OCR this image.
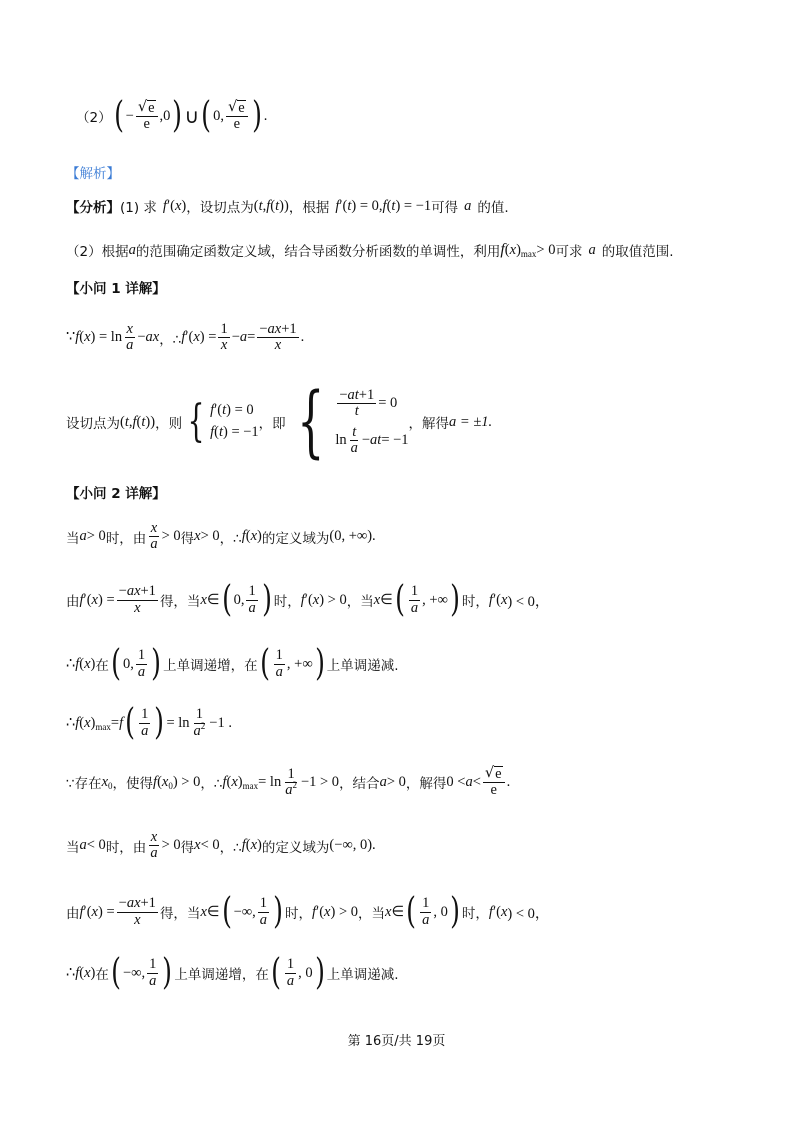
（2） ( − $\frac{√ e}{e} ,0$ ) ∪ ( 0, $\frac{√ e}{e}$ ) .
【解析】
【分析】 (1) 求 f ′( x ) ，设切点为 ( t , f ( t )) ，根据 f ′( t ) = 0, f ( t ) = −1 可得 a 的值.
（2）根据 a 的范围确定函数定义域，结合导函数分析函数的单调性，利用 f ( x ) max > 0 可求 a 的取值范围.
【小问 1 详解】
∵ f ( x ) = $\ln \frac{x}{a}$ − ax ，∴ f ′( x ) = $\frac{1}{x} - a = \frac{-ax+1}{x}$ .
设切点为 ( t , f ( t )) ，则 { f′(t) = 0
f(t) = −1 ，即 { $\frac{-at+1}{t} = 0$
$\ln \frac{t}{a}$ − at = −1
，解得 a = ±1.
【小问 2 详解】
当 a > 0 时，由 $\frac{x}{a} > 0$ 得 x > 0 ，∴ f ( x ) 的定义域为 (0, +∞).
由 f ′( x ) = $\frac{-ax+1}{x}$ 得，当 x ∈ ( 0, $\frac{1}{a}$ ) 时， f ′( x ) > 0 ，当 x ∈ ( $\frac{1}{a}$ , +∞ ) 时， f ′( x ) < 0，
∴ f ( x ) 在 ( 0, $\frac{1}{a}$ ) 上单调递增，在 ( $\frac{1}{a}$ , +∞ ) 上单调递减.
∴ f ( x ) max = f ( $\frac{1}{a}$ ) = $\ln \frac{1}{a^2} -1$ .
∵存在 x 0 ，使得 f ( x 0 ) > 0 ，∴ f ( x ) $\max = \ln \frac{1}{a^2} -1 > 0$ ，结合 a > 0 ，解得 $0 < a < \frac{√ e}{e}$ .
当 a < 0 时，由 $\frac{x}{a} > 0$ 得 x < 0 ，∴ f ( x ) 的定义域为 (−∞, 0).
由 f ′( x ) = $\frac{-ax+1}{x}$ 得，当 x ∈ ( −∞, $\frac{1}{a}$ ) 时， f ′( x ) > 0 ，当 x ∈ ( $\frac{1}{a}$ , 0 ) 时， f ′( x ) < 0，
∴ f ( x ) 在 ( −∞, $\frac{1}{a}$ ) 上单调递增，在 ( $\frac{1}{a}$ , 0 ) 上单调递减.
第 16页/共 19页
